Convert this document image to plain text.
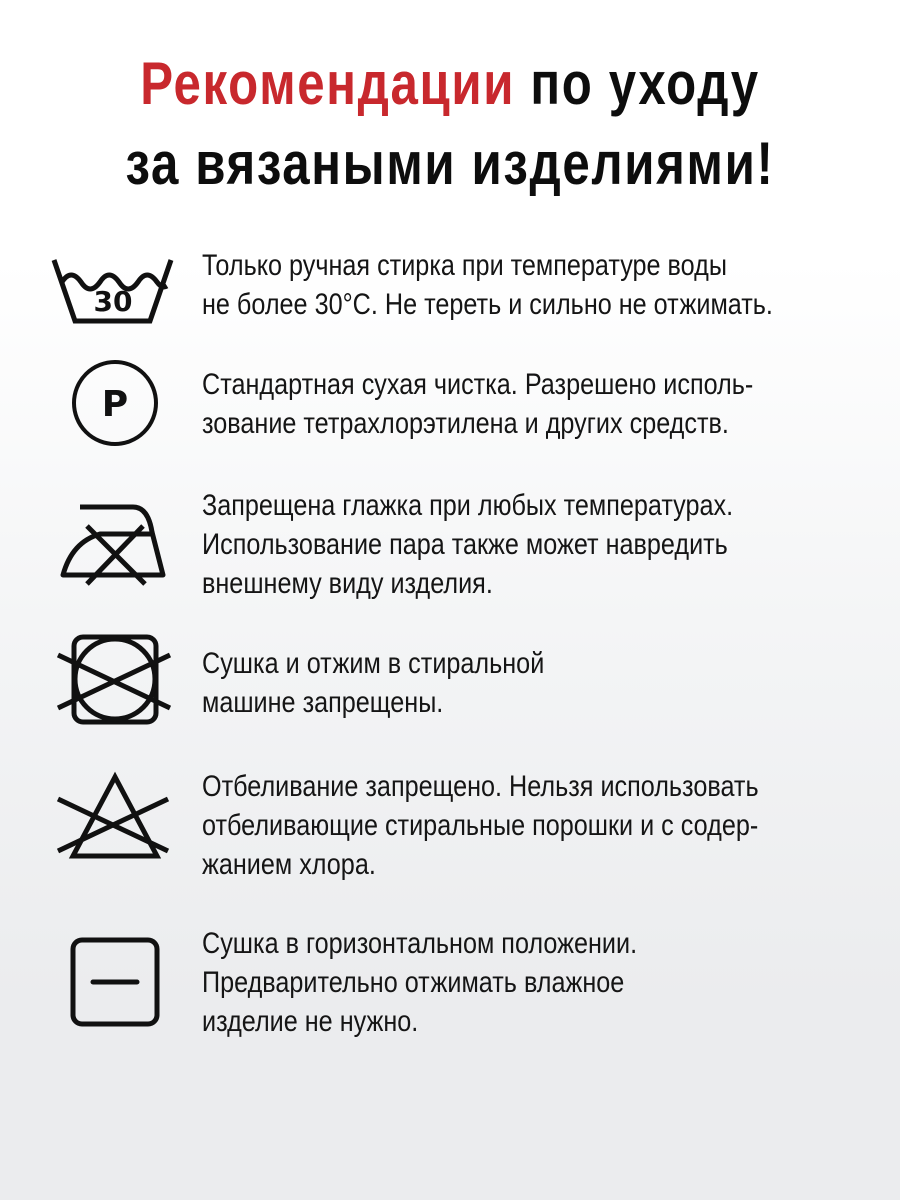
Рекомендации по уходу
за вязаными изделиями!
30
Только ручная стирка при температуре воды
не более 30°С. Не тереть и сильно не отжимать.
P Стандартная сухая чистка. Разрешено исполь-
зование тетрахлорэтилена и других средств.
Запрещена глажка при любых температурах.
Использование пара также может навредить
внешнему виду изделия.
Сушка и отжим в стиральной
машине запрещены.
Отбеливание запрещено. Нельзя использовать
отбеливающие стиральные порошки и с содер-
жанием хлора.
Сушка в горизонтальном положении.
Предварительно отжимать влажное
изделие не нужно.
